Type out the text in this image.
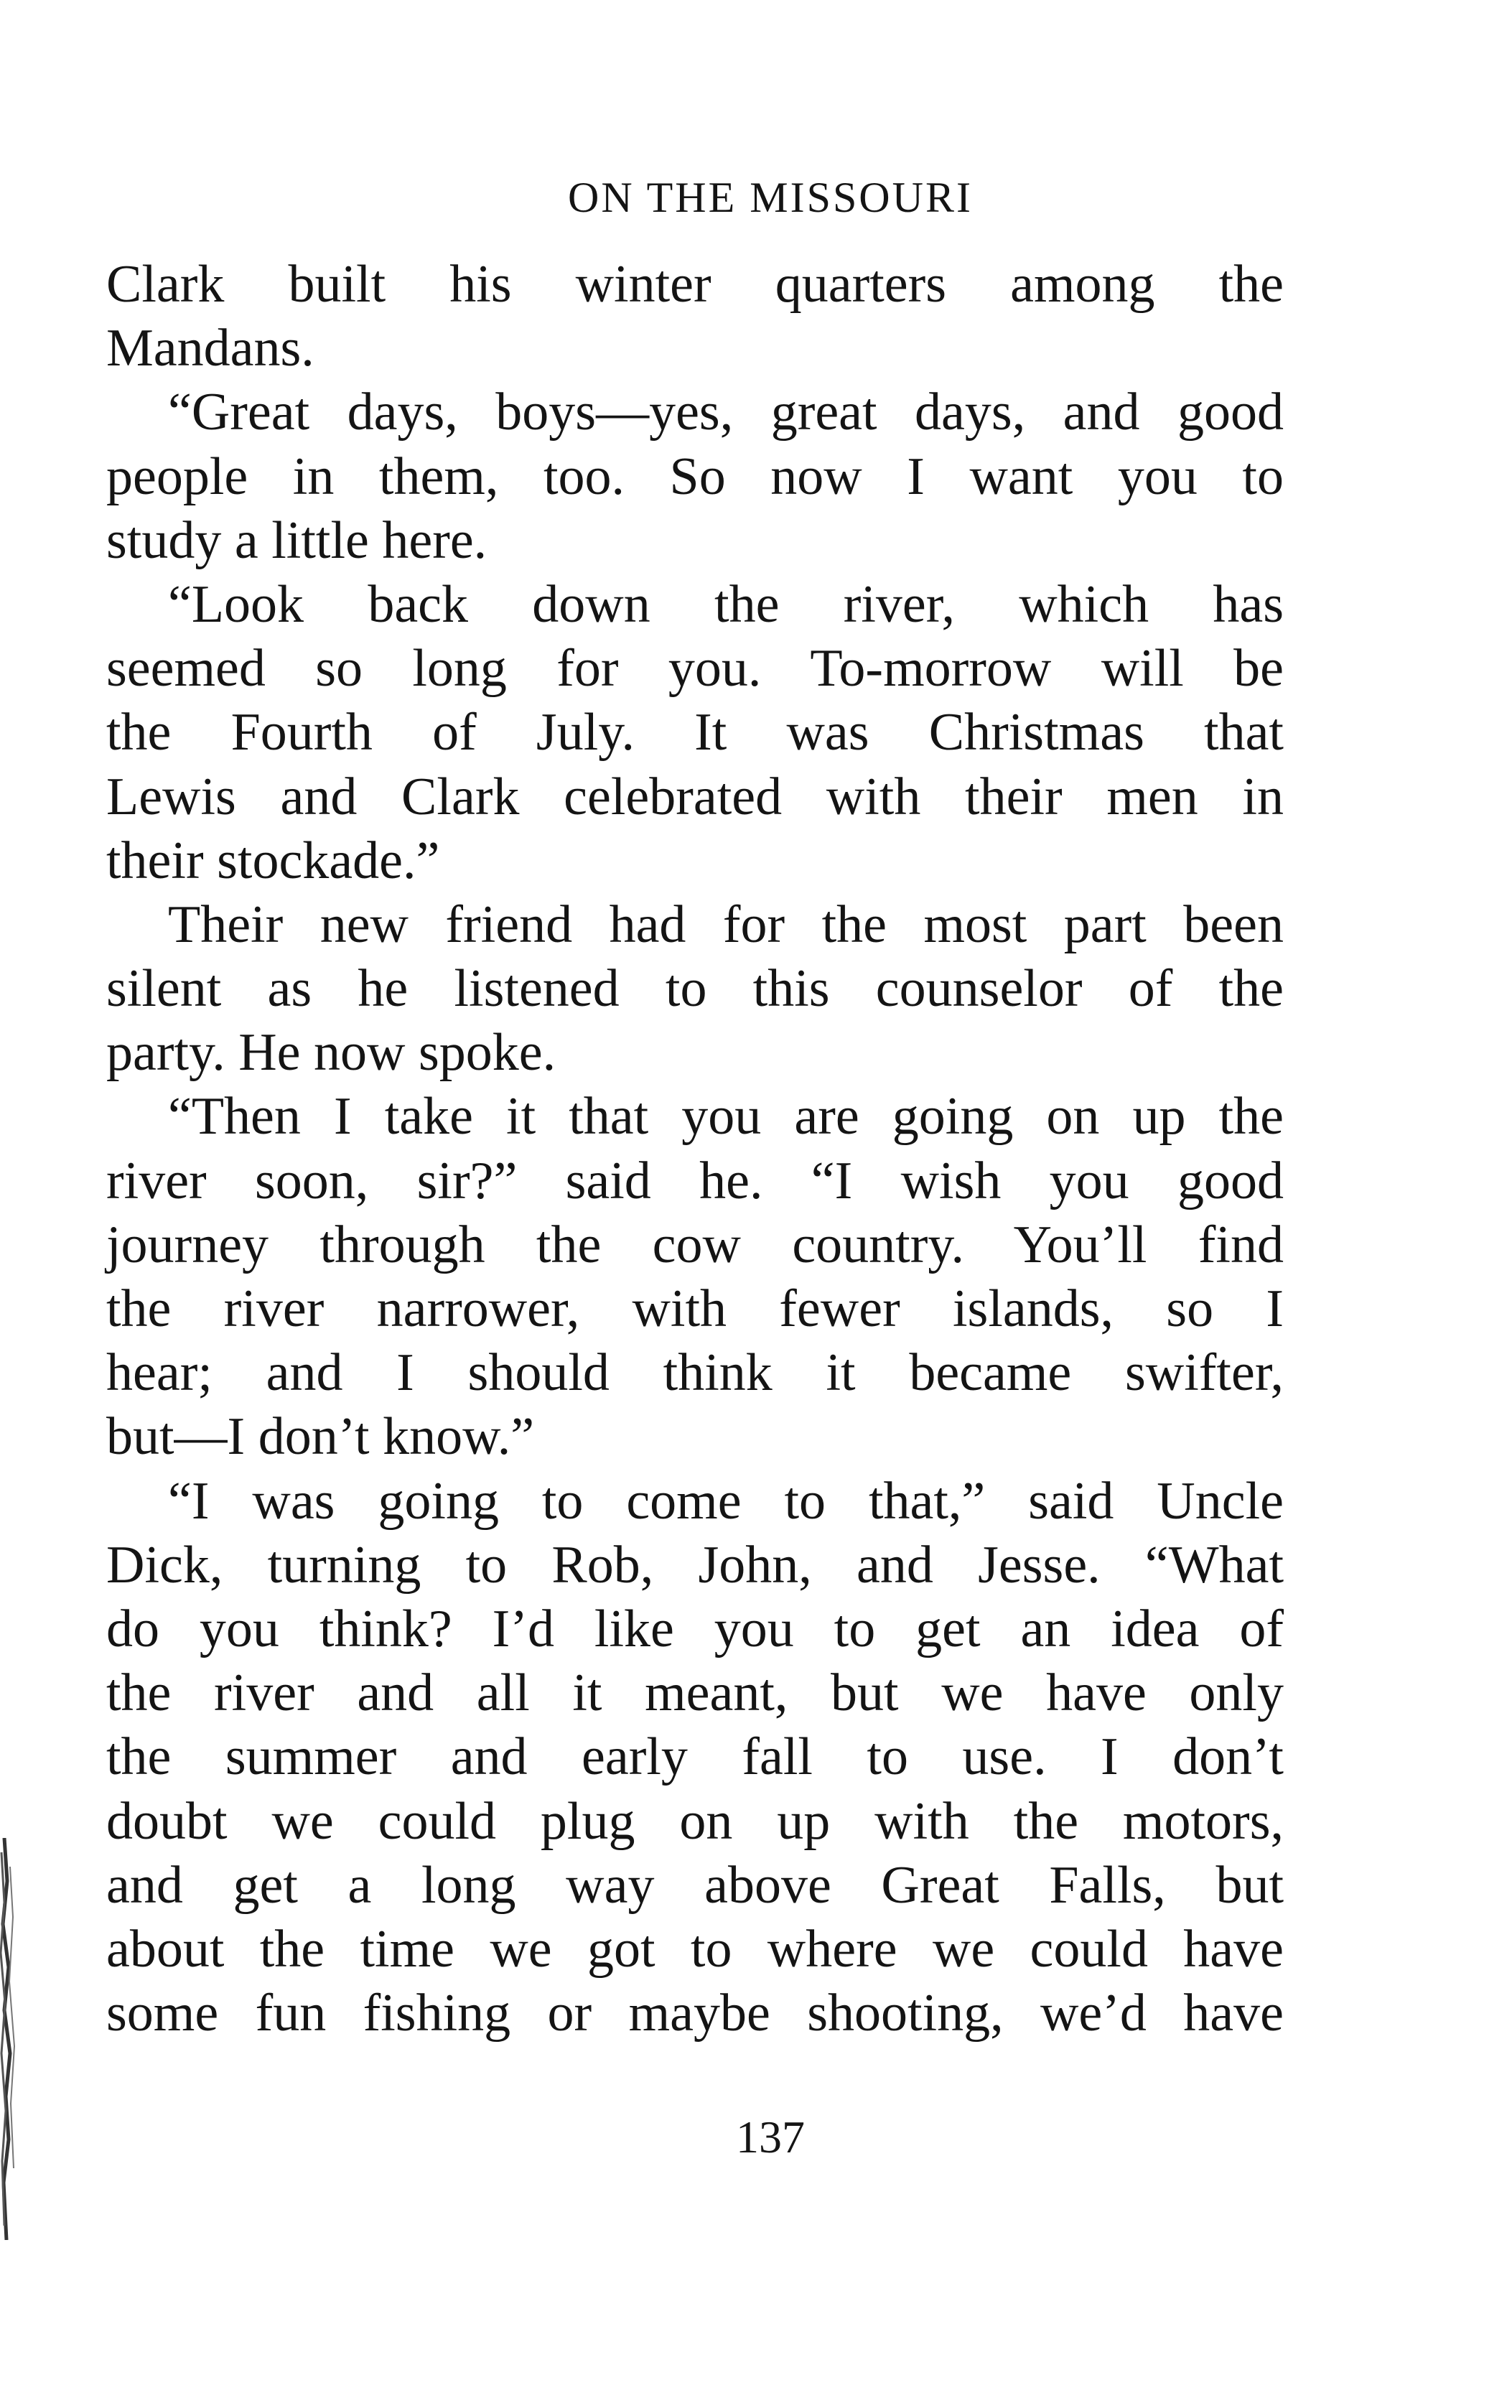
ON THE MISSOURI
Clark built his winter quarters among the
Mandans.
“Great days, boys—yes, great days, and good
people in them, too. So now I want you to
study a little here.
“Look back down the river, which has
seemed so long for you. To-morrow will be
the Fourth of July. It was Christmas that
Lewis and Clark celebrated with their men in
their stockade.”
Their new friend had for the most part been
silent as he listened to this counselor of the
party. He now spoke.
“Then I take it that you are going on up the
river soon, sir?” said he. “I wish you good
journey through the cow country. You’ll find
the river narrower, with fewer islands, so I
hear; and I should think it became swifter,
but—I don’t know.”
“I was going to come to that,” said Uncle
Dick, turning to Rob, John, and Jesse. “What
do you think? I’d like you to get an idea of
the river and all it meant, but we have only
the summer and early fall to use. I don’t
doubt we could plug on up with the motors,
and get a long way above Great Falls, but
about the time we got to where we could have
some fun fishing or maybe shooting, we’d have
137
